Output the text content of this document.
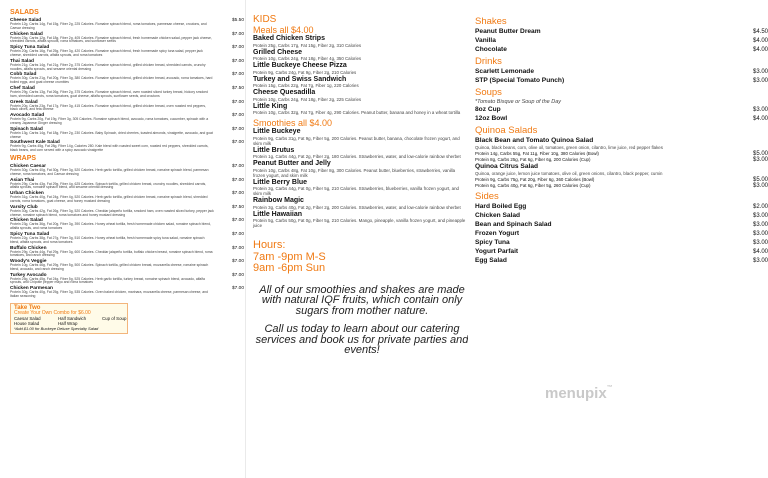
SALADS
Cheese Salad	$5.50
Protein 12g, Carbs 14g, Fat 15g, Fiber 2g, 225 Calories. Romaine spinach blend, roma tomatoes, parmesan cheese, croutons, and Caesar dressing
Chicken Salad	$7.00
Protein 23g, Carbs 12g, Fat 18g, Fiber 2g, 405 Calories. Romaine spinach blend, fresh homemade chicken salad, pepper jack cheese, shredded carrots, alfalfa sprouts, roma tomatoes, and sunflower seeds
Spicy Tuna Salad	$7.00
Protein 20g, Carbs 16g, Fat 25g, Fiber 3g, 420 Calories. Romaine spinach blend, fresh homemade spicy tuna salad, pepper jack cheese, shredded carrots, alfalfa sprouts, and roma tomatoes
Thai Salad	$7.00
Protein 21g, Carbs 14g, Fat 21g, Fiber 2g, 375 Calories. Romaine spinach blend, grilled chicken breast, shredded carrots, crunchy noodles, alfalfa sprouts, and sesame oriental dressing
Cobb Salad	$7.00
Protein 30g, Carbs 21g, Fat 20g, Fiber 3g, 380 Calories. Romaine spinach blend, grilled chicken breast, avocado, roma tomatoes, hard boiled eggs, and goat cheese crumbles
Chef Salad	$7.50
Protein 29g, Carbs 13g, Fat 26g, Fiber 2g, 375 Calories. Romaine spinach blend, oven roasted sliced turkey breast, hickory smoked ham, shredded carrots, roma tomatoes, goat cheese, alfalfa sprouts, sunflower seeds, and croutons
Greek Salad	$7.00
Protein 20g, Carbs 23g, Fat 17g, Fiber 3g, 415 Calories. Romaine spinach blend, grilled chicken breast, oven roasted red peppers, black olives, and feta cheese
Avocado Salad	$7.00
Protein 9g, Carbs 20g, Fat 19g, Fiber 3g, 305 Calories. Romaine spinach blend, avocado, roma tomatoes, cucumber, spinach with a creamy Japanese Ginger dressing
Spinach Salad	$7.00
Protein 13g, Carbs 14g, Fat 18g, Fiber 2g, 230 Calories. Baby Spinach, dried cherries, toasted almonds, vinaigrette, avocado, and goat cheese
Southwest Kale Salad	$7.00
Protein 9g, Carbs 45g, Fat 28g, Fiber 14g, Calories 280. Kale blend with roasted sweet corn, roasted red peppers, shredded carrots, black beans, and corn served with a spicy avocado vinaigrette
WRAPS
Chicken Caesar	$7.00
Protein 30g, Carbs 40g, Fat 30g, Fiber 3g, 520 Calories. Herb garlic tortilla, grilled chicken breast, romaine spinach blend, parmesan cheese, roma tomatoes, and Caesar dressing
Asian Thai	$7.00
Protein 29g, Carbs 43g, Fat 29g, Fiber 4g, 625 Calories. Spinach tortilla, grilled chicken breast, crunchy noodles, shredded carrots, alfalfa sprouts, romaine spinach blend, and sesame oriental dressing
Urban Chicken	$7.00
Protein 31g, Carbs 40g, Fat 24g, Fiber 4g, 520 Calories. Herb garlic tortilla, grilled chicken breast, romaine spinach blend, shredded carrots, roma tomatoes, goat cheese, and honey mustard dressing
Varsity Club	$7.50
Protein 30g, Carbs 42g, Fat 26g, Fiber 3g, 520 Calories. Cheddar jalapeño tortilla, smoked ham, oven roasted sliced turkey, pepper jack cheese, romaine spinach blend, roma tomatoes and honey mustard dressing
Chicken Salad	$7.00
Protein 23g, Carbs 36g, Fat 20g, Fiber 3g, 390 Calories. Honey wheat tortilla, fresh homemade chicken salad, romaine spinach blend, alfalfa sprouts, and roma tomatoes
Spicy Tuna Salad	$7.00
Protein 22g, Carbs 38g, Fat 27g, Fiber 3g, 510 Calories. Honey wheat tortilla, fresh homemade spicy tuna salad, romaine spinach blend, alfalfa sprouts, and roma tomatoes
Buffalo Chicken	$7.00
Protein 29g, Carbs 44g, Fat 29g, Fiber 3g, 600 Calories. Cheddar jalapeño tortilla, buffalo chicken breast, romaine spinach blend, roma tomatoes, and ranch dressing
Woody's Veggie	$7.00
Protein 10g, Carbs 46g, Fat 29g, Fiber 5g, 500 Calories. Spinach tortilla, grilled chicken breast, mozzarella cheese, romaine spinach blend, avocado, and ranch dressing
Turkey Avocado	$7.00
Protein 25g, Carbs 45g, Fat 24g, Fiber 5g, 525 Calories. Herb garlic tortilla, turkey breast, romaine spinach blend, avocado, alfalfa sprouts, and Chipotle pepper mayo and roma tomatoes
Chicken Parmesan	$7.00
Protein 30g, Carbs 40g, Fat 25g, Fiber 3g, 535 Calories. Oven baked chicken, marinara, mozzarella cheese, parmesan cheese, and Italian seasoning
Take Two
Create Your Own Combo for $6.00
Caesar Salad	Half Sandwich	Cup of Soup
House Salad	Half Wrap
*Add $1.00 for Buckeye Deluxe Specialty Salad
KIDS
Meals all $4.00
Baked Chicken Strips
Protein 25g, Carbs 17g, Fat 15g, Fiber 2g, 310 Calories
Grilled Cheese
Protein 10g, Carbs 24g, Fat 18g, Fiber 4g, 350 Calories
Little Buckeye Cheese Pizza
Protein 9g, Carbs 24g, Fat 9g, Fiber 2g, 210 Calories
Turkey and Swiss Sandwich
Protein 15g, Carbs 22g, Fat 7g, Fiber 1g, 220 Calories
Cheese Quesadilla
Protein 10g, Carbs 24g, Fat 18g, Fiber 2g, 225 Calories
Little King
Protein 10g, Carbs 32g, Fat 7g, Fiber 4g, 290 Calories. Peanut butter, banana and honey in a wheat tortilla
Smoothies all $4.00
Little Buckeye
Protein 9g, Carbs 31g, Fat 9g, Fiber 5g, 200 Calories. Peanut butter, banana, chocolate frozen yogurt, and skim milk
Little Brutus
Protein 1g, Carbs 44g, Fat 2g, Fiber 2g, 180 Calories. Strawberries, water, and low-calorie rainbow sherbet
Peanut Butter and Jelly
Protein 10g, Carbs 48g, Fat 10g, Fiber 8g, 300 Calories. Peanut butter, blueberries, strawberries, vanilla frozen yogurt, and skim milk
Little Berry Blue
Protein 3g, Carbs 44g, Fat 0g, Fiber 5g, 210 Calories. Strawberries, blueberries, vanilla frozen yogurt, and skim milk
Rainbow Magic
Protein 3g, Carbs 40g, Fat 2g, Fiber 2g, 200 Calories. Strawberries, water, and low-calorie rainbow sherbet
Little Hawaiian
Protein 5g, Carbs 50g, Fat 0g, Fiber 5g, 210 Calories. Mango, pineapple, vanilla frozen yogurt, and pineapple juice
Hours:
7am -9pm M-S
9am -6pm Sun
All of our smoothies and shakes are made with natural IQF fruits, which contain only sugars from mother nature.
Call us today to learn about our catering services and book us for private parties and events!
Shakes
Peanut Butter Dream	$4.50
Vanilla	$4.00
Chocolate	$4.00
Drinks
Scarlett Lemonade	$3.00
STP (Special Tomato Punch)	$3.00
Soups
*Tomato Bisque or Soup of the Day
8oz Cup	$3.00
12oz Bowl	$4.00
Quinoa Salads
Black Bean and Tomato Quinoa Salad
Quinoa, black beans, corn, olive oil, tomatoes, green onion, cilantro, lime juice, red pepper flakes
Protein 14g, Carbs 55g, Fat 11g, Fiber 10g, 380 Calories (Bowl)	$5.00
Protein 8g, Carbs 25g, Fat 6g, Fiber 6g, 200 Calories (Cup)	$3.00
Quinoa Citrus Salad
Quinoa, orange juice, lemon juice tomatoes, olive oil, green onions, cilantro, black pepper, cumin
Protein 9g, Carbs 75g, Fat 20g, Fiber 6g, 360 Calories (Bowl)	$5.00
Protein 6g, Carbs 40g, Fat 6g, Fiber 5g, 260 Calories (Cup)	$3.00
Sides
Hard Boiled Egg	$2.00
Chicken Salad	$3.00
Bean and Spinach Salad	$3.00
Frozen Yogurt	$3.00
Spicy Tuna	$3.00
Yogurt Parfait	$4.00
Egg Salad	$3.00
menupix™
